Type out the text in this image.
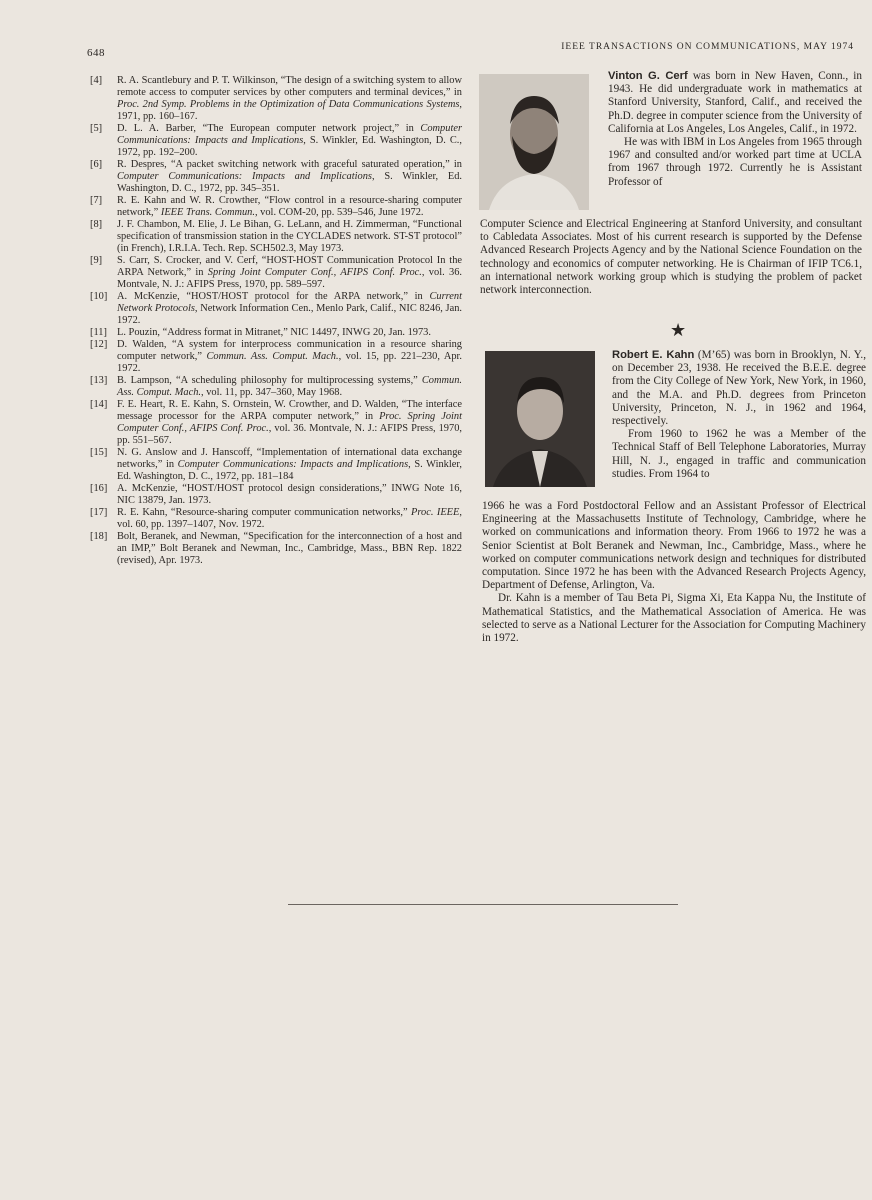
648	IEEE TRANSACTIONS ON COMMUNICATIONS, MAY 1974
[4] R. A. Scantlebury and P. T. Wilkinson, “The design of a switching system to allow remote access to computer services by other computers and terminal devices,” in Proc. 2nd Symp. Problems in the Optimization of Data Communications Systems, 1971, pp. 160–167.
[5] D. L. A. Barber, “The European computer network project,” in Computer Communications: Impacts and Implications, S. Winkler, Ed. Washington, D. C., 1972, pp. 192–200.
[6] R. Despres, “A packet switching network with graceful saturated operation,” in Computer Communications: Impacts and Implications, S. Winkler, Ed. Washington, D. C., 1972, pp. 345–351.
[7] R. E. Kahn and W. R. Crowther, “Flow control in a resource-sharing computer network,” IEEE Trans. Commun., vol. COM-20, pp. 539–546, June 1972.
[8] J. F. Chambon, M. Elie, J. Le Bihan, G. LeLann, and H. Zimmerman, “Functional specification of transmission station in the CYCLADES network. ST-ST protocol” (in French), I.R.I.A. Tech. Rep. SCH502.3, May 1973.
[9] S. Carr, S. Crocker, and V. Cerf, “HOST-HOST Communication Protocol In the ARPA Network,” in Spring Joint Computer Conf., AFIPS Conf. Proc., vol. 36. Montvale, N. J.: AFIPS Press, 1970, pp. 589–597.
[10] A. McKenzie, “HOST/HOST protocol for the ARPA network,” in Current Network Protocols, Network Information Cen., Menlo Park, Calif., NIC 8246, Jan. 1972.
[11] L. Pouzin, “Address format in Mitranet,” NIC 14497, INWG 20, Jan. 1973.
[12] D. Walden, “A system for interprocess communication in a resource sharing computer network,” Commun. Ass. Comput. Mach., vol. 15, pp. 221–230, Apr. 1972.
[13] B. Lampson, “A scheduling philosophy for multiprocessing systems,” Commun. Ass. Comput. Mach., vol. 11, pp. 347–360, May 1968.
[14] F. E. Heart, R. E. Kahn, S. Ornstein, W. Crowther, and D. Walden, “The interface message processor for the ARPA computer network,” in Proc. Spring Joint Computer Conf., AFIPS Conf. Proc., vol. 36. Montvale, N. J.: AFIPS Press, 1970, pp. 551–567.
[15] N. G. Anslow and J. Hanscoff, “Implementation of international data exchange networks,” in Computer Communications: Impacts and Implications, S. Winkler, Ed. Washington, D. C., 1972, pp. 181–184
[16] A. McKenzie, “HOST/HOST protocol design considerations,” INWG Note 16, NIC 13879, Jan. 1973.
[17] R. E. Kahn, “Resource-sharing computer communication networks,” Proc. IEEE, vol. 60, pp. 1397–1407, Nov. 1972.
[18] Bolt, Beranek, and Newman, “Specification for the interconnection of a host and an IMP,” Bolt Beranek and Newman, Inc., Cambridge, Mass., BBN Rep. 1822 (revised), Apr. 1973.

Vinton G. Cerf was born in New Haven, Conn., in 1943. He did undergraduate work in mathematics at Stanford University, Stanford, Calif., and received the Ph.D. degree in computer science from the University of California at Los Angeles, Los Angeles, Calif., in 1972.

He was with IBM in Los Angeles from 1965 through 1967 and consulted and/or worked part time at UCLA from 1967 through 1972. Currently he is Assistant Professor of

Computer Science and Electrical Engineering at Stanford University, and consultant to Cabledata Associates. Most of his current research is supported by the Defense Advanced Research Projects Agency and by the National Science Foundation on the technology and economics of computer networking. He is Chairman of IFIP TC6.1, an international network working group which is studying the problem of packet network interconnection.

★

Robert E. Kahn (M’65) was born in Brooklyn, N. Y., on December 23, 1938. He received the B.E.E. degree from the City College of New York, New York, in 1960, and the M.A. and Ph.D. degrees from Princeton University, Princeton, N. J., in 1962 and 1964, respectively.

From 1960 to 1962 he was a Member of the Technical Staff of Bell Telephone Laboratories, Murray Hill, N. J., engaged in traffic and communication studies. From 1964 to

1966 he was a Ford Postdoctoral Fellow and an Assistant Professor of Electrical Engineering at the Massachusetts Institute of Technology, Cambridge, where he worked on communications and information theory. From 1966 to 1972 he was a Senior Scientist at Bolt Beranek and Newman, Inc., Cambridge, Mass., where he worked on computer communications network design and techniques for distributed computation. Since 1972 he has been with the Advanced Research Projects Agency, Department of Defense, Arlington, Va.

Dr. Kahn is a member of Tau Beta Pi, Sigma Xi, Eta Kappa Nu, the Institute of Mathematical Statistics, and the Mathematical Association of America. He was selected to serve as a National Lecturer for the Association for Computing Machinery in 1972.
